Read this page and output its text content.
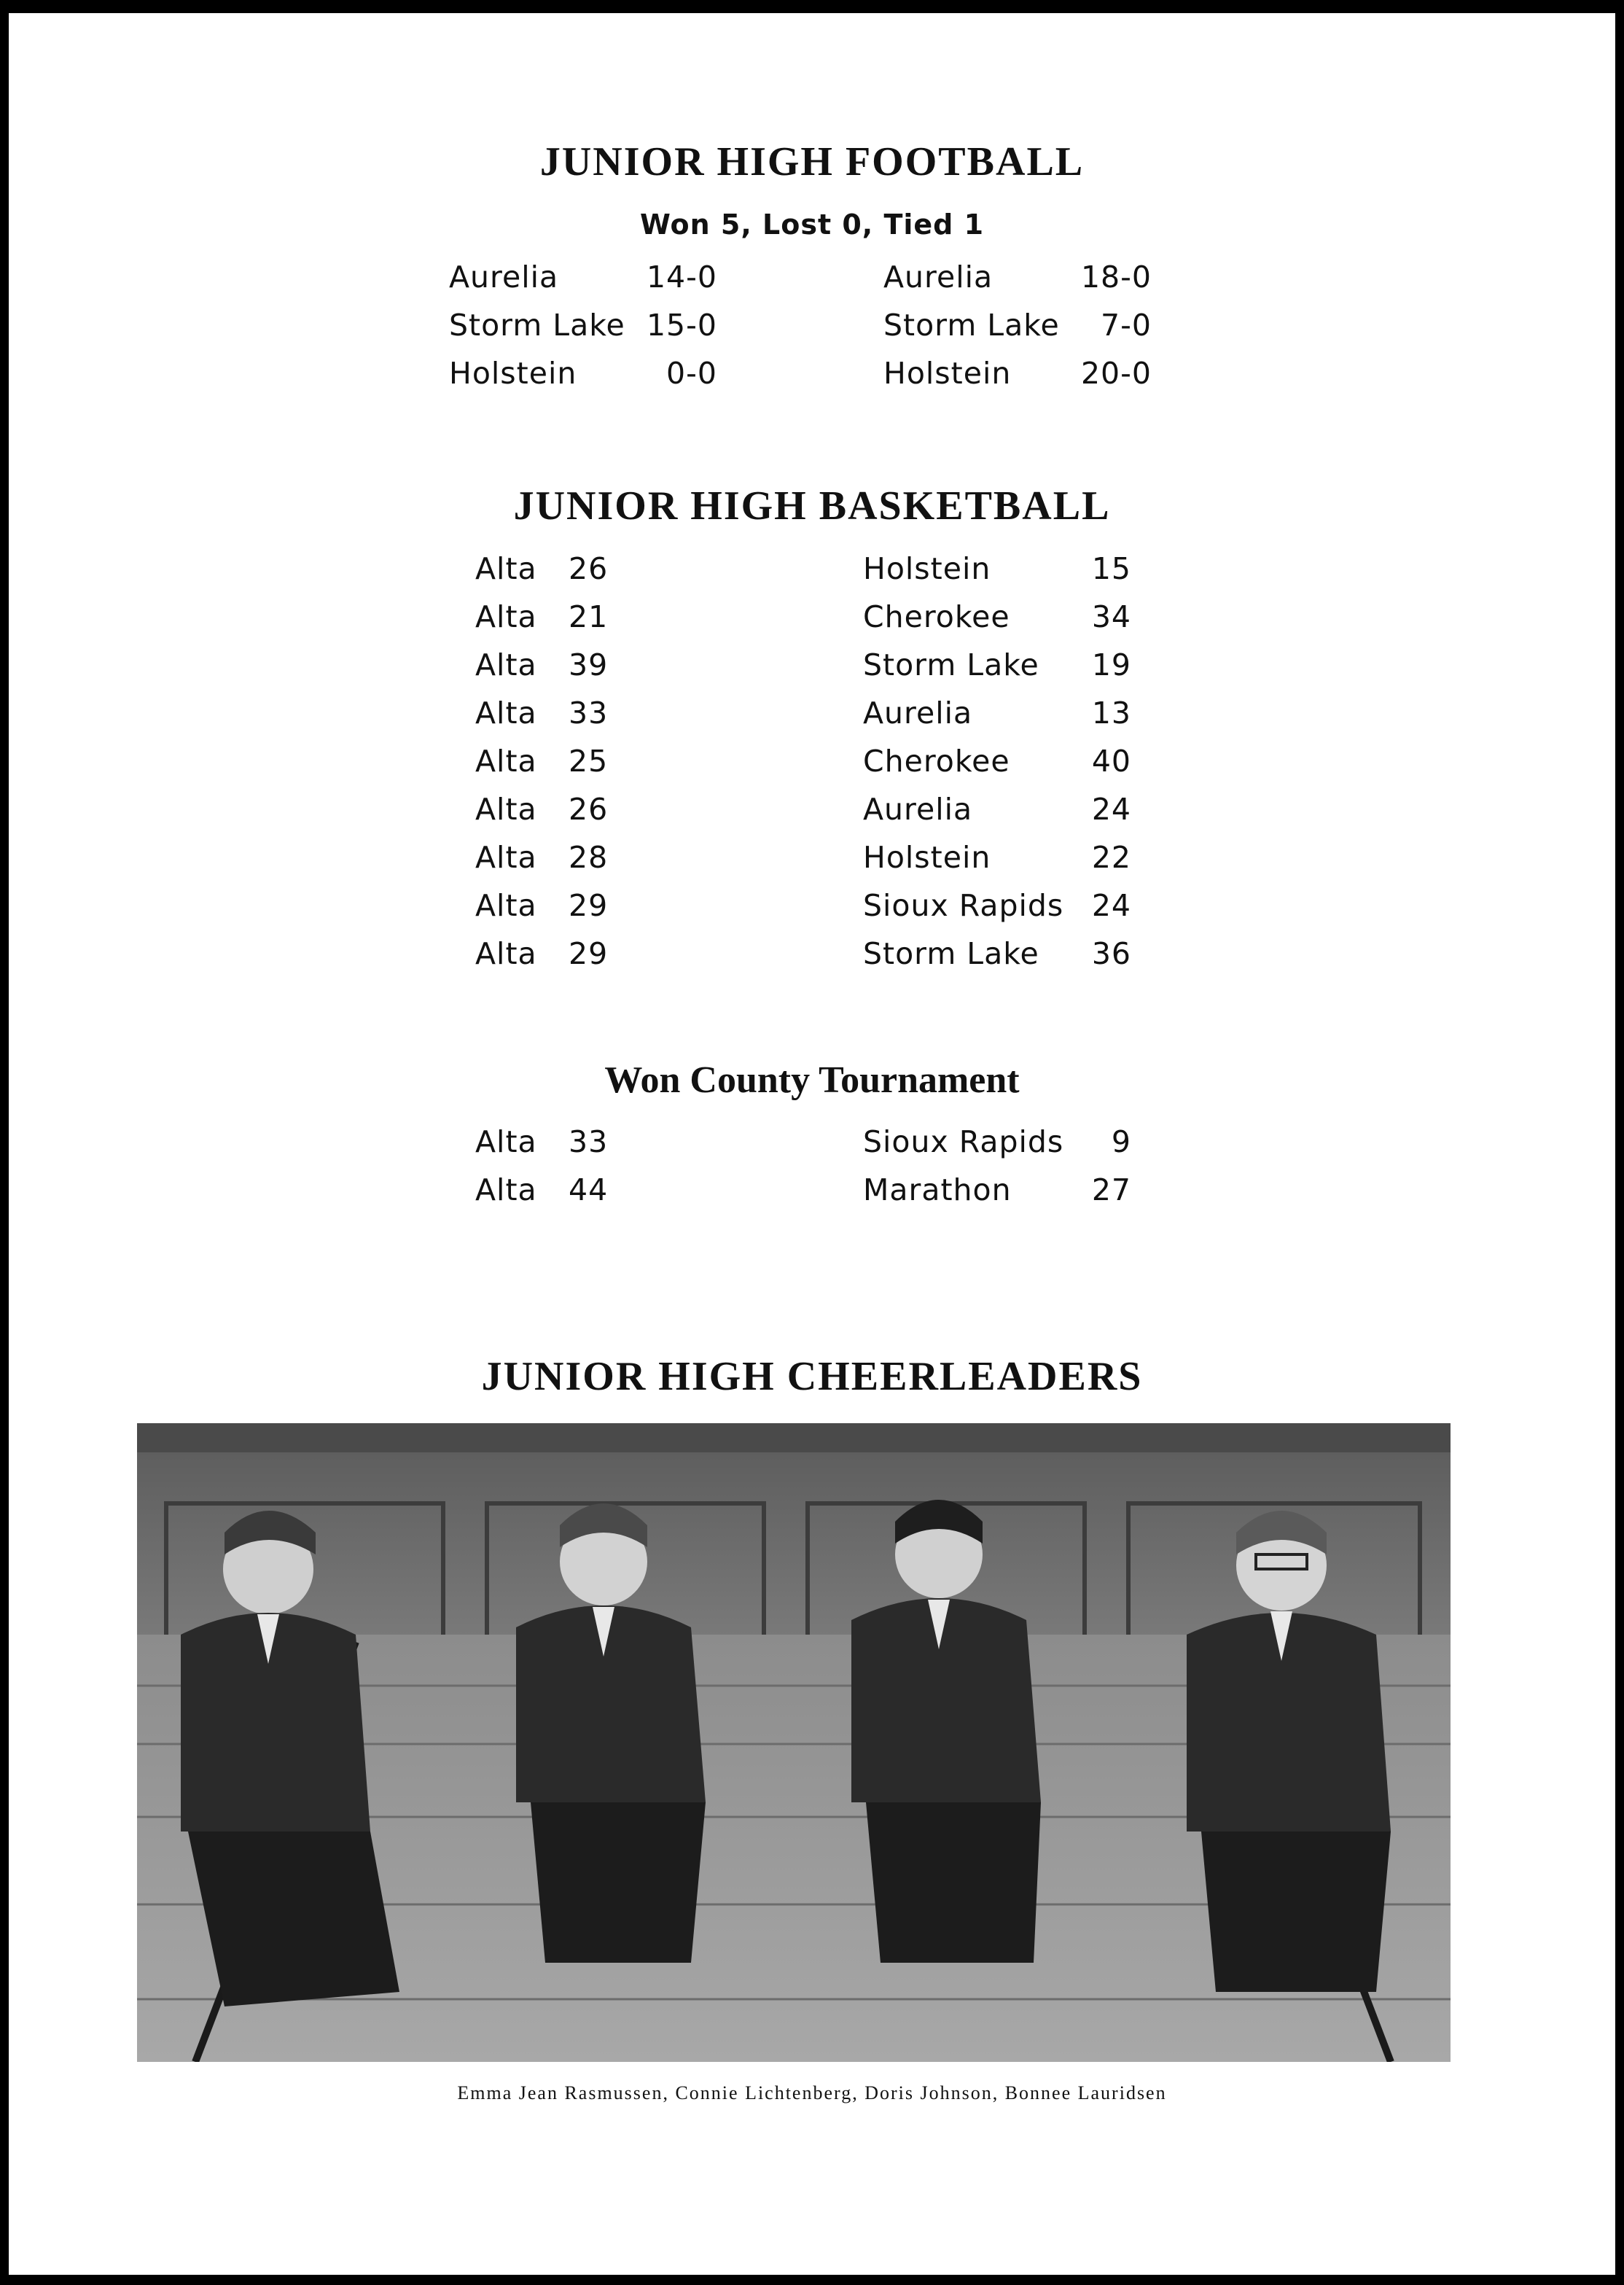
JUNIOR HIGH FOOTBALL
Won 5, Lost 0, Tied 1
Aurelia	14-0	Aurelia	18-0
Storm Lake 15-0	Storm Lake	7-0
Holstein	0-0	Holstein	20-0
JUNIOR HIGH BASKETBALL
Alta 26	Holstein	15
Alta 21	Cherokee	34
Alta 39	Storm Lake	19
Alta 33	Aurelia	13
Alta 25	Cherokee	40
Alta 26	Aurelia	24
Alta 28	Holstein	22
Alta 29	Sioux Rapids 24
Alta 29	Storm Lake	36
Won County Tournament
Alta 33	Sioux Rapids	9
Alta 44	Marathon	27
JUNIOR HIGH CHEERLEADERS
Emma Jean Rasmussen, Connie Lichtenberg, Doris Johnson, Bonnee Lauridsen
